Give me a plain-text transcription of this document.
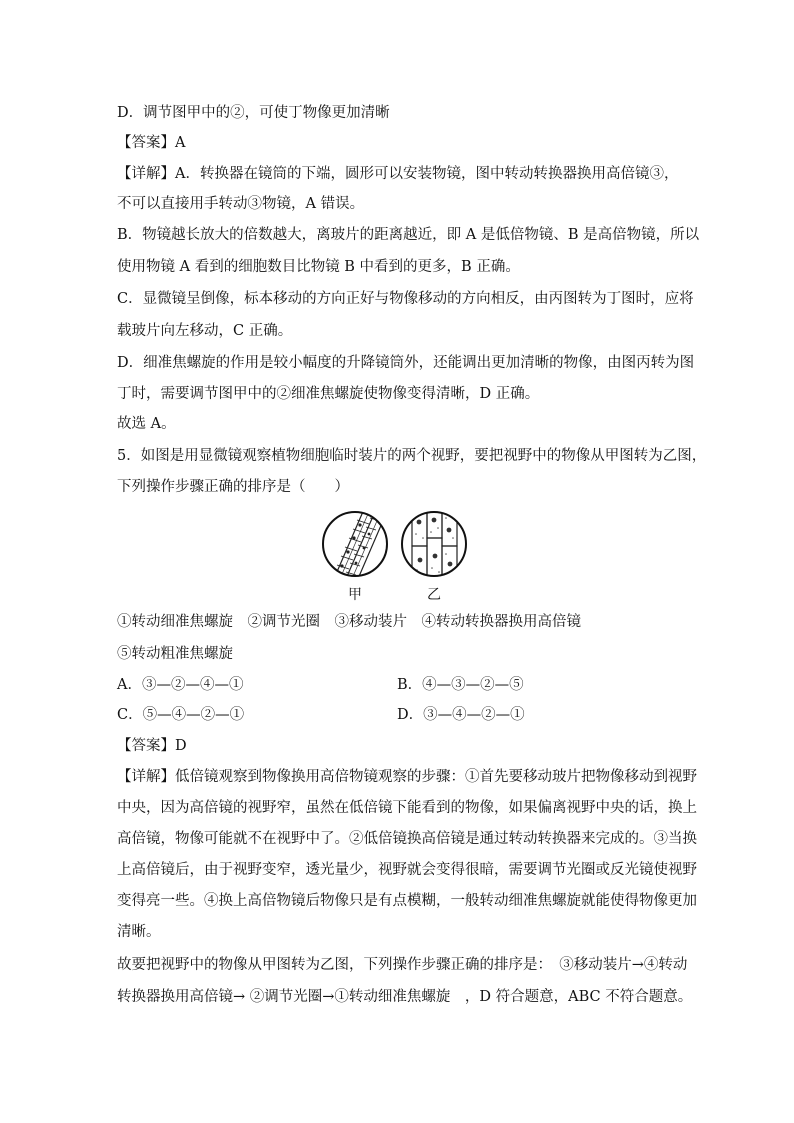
D．调节图甲中的②，可使丁物像更加清晰
【答案】A
【详解】A．转换器在镜筒的下端，圆形可以安装物镜，图中转动转换器换用高倍镜③，
不可以直接用手转动③物镜，A 错误。
B．物镜越长放大的倍数越大，离玻片的距离越近，即 A 是低倍物镜、B 是高倍物镜，所以
使用物镜 A 看到的细胞数目比物镜 B 中看到的更多，B 正确。
C．显微镜呈倒像，标本移动的方向正好与物像移动的方向相反，由丙图转为丁图时，应将
载玻片向左移动，C 正确。
D．细准焦螺旋的作用是较小幅度的升降镜筒外，还能调出更加清晰的物像，由图丙转为图
丁时，需要调节图甲中的②细准焦螺旋使物像变得清晰，D 正确。
故选 A。
5．如图是用显微镜观察植物细胞临时装片的两个视野，要把视野中的物像从甲图转为乙图，
下列操作步骤正确的排序是（　　）
甲	乙
①转动细准焦螺旋　②调节光圈　③移动装片　④转动转换器换用高倍镜
⑤转动粗准焦螺旋
A．③—②—④—①	B．④—③—②—⑤
C．⑤—④—②—①	D．③—④—②—①
【答案】D
【详解】低倍镜观察到物像换用高倍物镜观察的步骤：①首先要移动玻片把物像移动到视野
中央，因为高倍镜的视野窄，虽然在低倍镜下能看到的物像，如果偏离视野中央的话，换上
高倍镜，物像可能就不在视野中了。②低倍镜换高倍镜是通过转动转换器来完成的。③当换
上高倍镜后，由于视野变窄，透光量少，视野就会变得很暗，需要调节光圈或反光镜使视野
变得亮一些。④换上高倍物镜后物像只是有点模糊，一般转动细准焦螺旋就能使得物像更加
清晰。
故要把视野中的物像从甲图转为乙图，下列操作步骤正确的排序是：　③移动装片→④转动
转换器换用高倍镜→ ②调节光圈→①转动细准焦螺旋　，D 符合题意，ABC 不符合题意。
